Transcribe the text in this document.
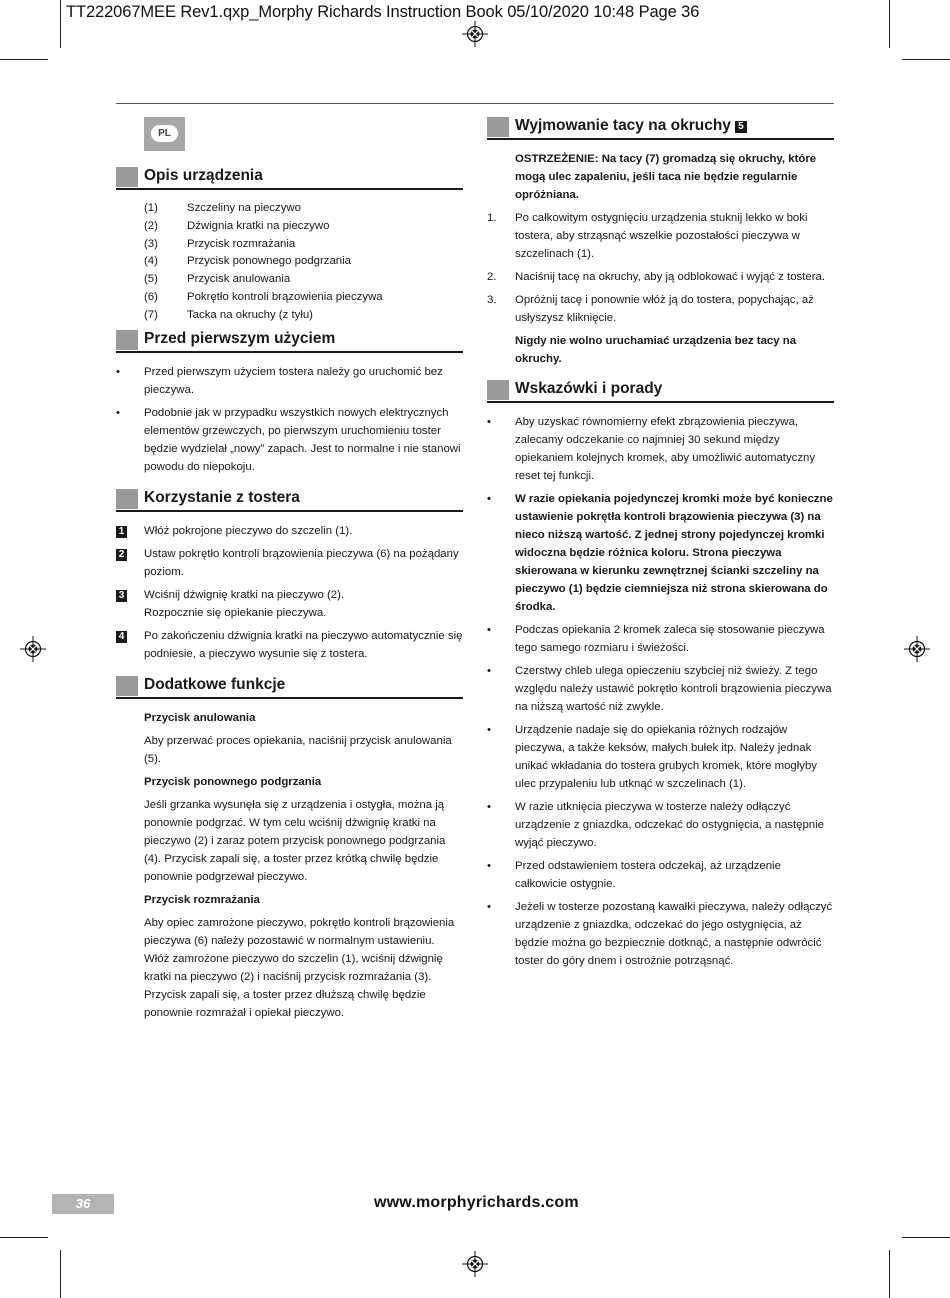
TT222067MEE Rev1.qxp_Morphy Richards Instruction Book 05/10/2020 10:48 Page 36
PL
Opis urządzenia
(1)	Szczeliny na pieczywo
(2)	Dźwignia kratki na pieczywo
(3)	Przycisk rozmrażania
(4)	Przycisk ponownego podgrzania
(5)	Przycisk anulowania
(6)	Pokrętło kontroli brązowienia pieczywa
(7)	Tacka na okruchy (z tyłu)
Przed pierwszym użyciem
• Przed pierwszym użyciem tostera należy go uruchomić bez pieczywa.
• Podobnie jak w przypadku wszystkich nowych elektrycznych elementów grzewczych, po pierwszym uruchomieniu toster będzie wydzielał „nowy” zapach. Jest to normalne i nie stanowi powodu do niepokoju.
Korzystanie z tostera
1 Włóż pokrojone pieczywo do szczelin (1).
2 Ustaw pokrętło kontroli brązowienia pieczywa (6) na pożądany poziom.
3 Wciśnij dźwignię kratki na pieczywo (2).
Rozpocznie się opiekanie pieczywa.
4 Po zakończeniu dźwignia kratki na pieczywo automatycznie się podniesie, a pieczywo wysunie się z tostera.
Dodatkowe funkcje
Przycisk anulowania
Aby przerwać proces opiekania, naciśnij przycisk anulowania (5).
Przycisk ponownego podgrzania
Jeśli grzanka wysunęła się z urządzenia i ostygła, można ją ponownie podgrzać. W tym celu wciśnij dźwignię kratki na pieczywo (2) i zaraz potem przycisk ponownego podgrzania (4). Przycisk zapali się, a toster przez krótką chwilę będzie ponownie podgrzewał pieczywo.
Przycisk rozmrażania
Aby opiec zamrożone pieczywo, pokrętło kontroli brązowienia pieczywa (6) należy pozostawić w normalnym ustawieniu. Włóż zamrożone pieczywo do szczelin (1), wciśnij dźwignię kratki na pieczywo (2) i naciśnij przycisk rozmrażania (3). Przycisk zapali się, a toster przez dłuższą chwilę będzie ponownie rozmrażał i opiekał pieczywo.
Wyjmowanie tacy na okruchy 5
OSTRZEŻENIE: Na tacy (7) gromadzą się okruchy, które mogą ulec zapaleniu, jeśli taca nie będzie regularnie opróżniana.
1. Po całkowitym ostygnięciu urządzenia stuknij lekko w boki tostera, aby strząsnąć wszelkie pozostałości pieczywa w szczelinach (1).
2. Naciśnij tacę na okruchy, aby ją odblokować i wyjąć z tostera.
3. Opróżnij tacę i ponownie włóż ją do tostera, popychając, aż usłyszysz kliknięcie.
Nigdy nie wolno uruchamiać urządzenia bez tacy na okruchy.
Wskazówki i porady
• Aby uzyskać równomierny efekt zbrązowienia pieczywa, zalecamy odczekanie co najmniej 30 sekund między opiekaniem kolejnych kromek, aby umożliwić automatyczny reset tej funkcji.
• W razie opiekania pojedynczej kromki może być konieczne ustawienie pokrętła kontroli brązowienia pieczywa (3) na nieco niższą wartość. Z jednej strony pojedynczej kromki widoczna będzie różnica koloru. Strona pieczywa skierowana w kierunku zewnętrznej ścianki szczeliny na pieczywo (1) będzie ciemniejsza niż strona skierowana do środka.
• Podczas opiekania 2 kromek zaleca się stosowanie pieczywa tego samego rozmiaru i świeżości.
• Czerstwy chleb ulega opieczeniu szybciej niż świeży. Z tego względu należy ustawić pokrętło kontroli brązowienia pieczywa na niższą wartość niż zwykle.
• Urządzenie nadaje się do opiekania różnych rodzajów pieczywa, a także keksów, małych bułek itp. Należy jednak unikać wkładania do tostera grubych kromek, które mogłyby ulec przypaleniu lub utknąć w szczelinach (1).
• W razie utknięcia pieczywa w tosterze należy odłączyć urządzenie z gniazdka, odczekać do ostygnięcia, a następnie wyjąć pieczywo.
• Przed odstawieniem tostera odczekaj, aż urządzenie całkowicie ostygnie.
• Jeżeli w tosterze pozostaną kawałki pieczywa, należy odłączyć urządzenie z gniazdka, odczekać do jego ostygnięcia, aż będzie można go bezpiecznie dotknąć, a następnie odwrócić toster do góry dnem i ostrożnie potrząsnąć.
36	www.morphyrichards.com
